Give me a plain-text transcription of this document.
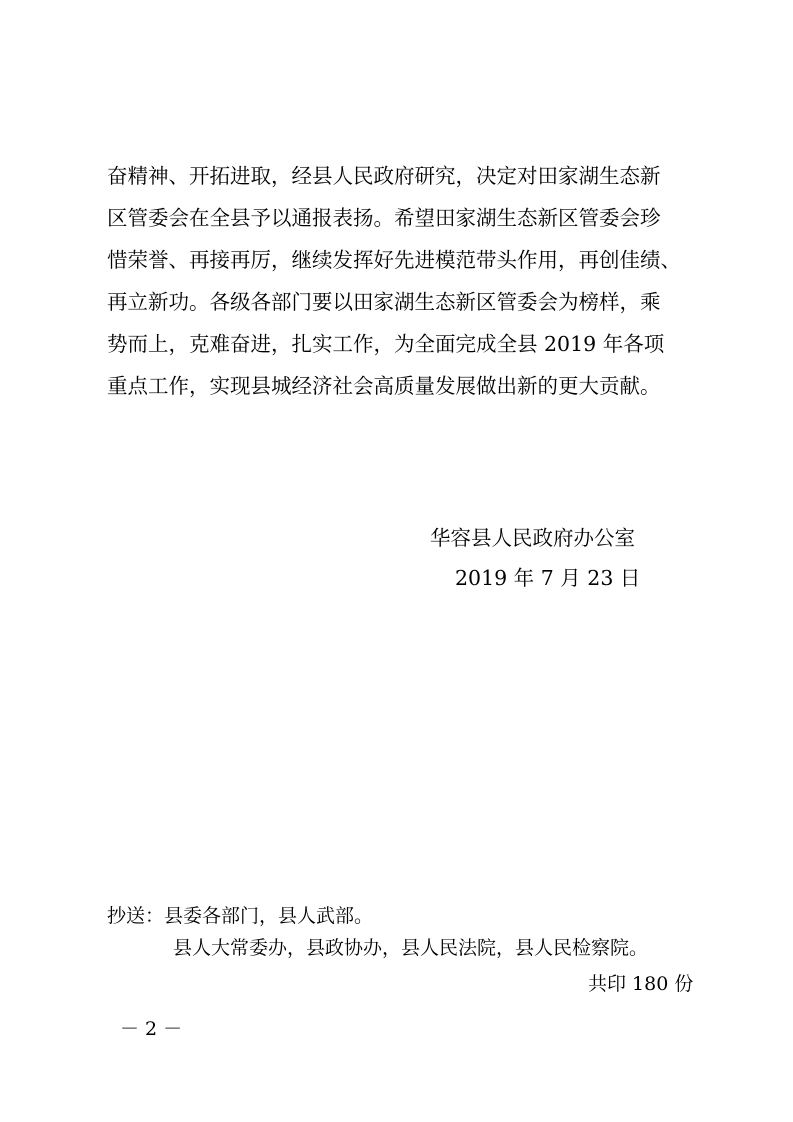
奋精神、开拓进取，经县人民政府研究，决定对田家湖生态新
区管委会在全县予以通报表扬。希望田家湖生态新区管委会珍
惜荣誉、再接再厉，继续发挥好先进模范带头作用，再创佳绩、
再立新功。各级各部门要以田家湖生态新区管委会为榜样，乘
势而上，克难奋进，扎实工作，为全面完成全县 2019 年各项
重点工作，实现县城经济社会高质量发展做出新的更大贡献。
华容县人民政府办公室
2019 年 7 月 23 日
抄送：县委各部门，县人武部。
县人大常委办，县政协办，县人民法院，县人民检察院。
共印 180 份
－ 2 －
